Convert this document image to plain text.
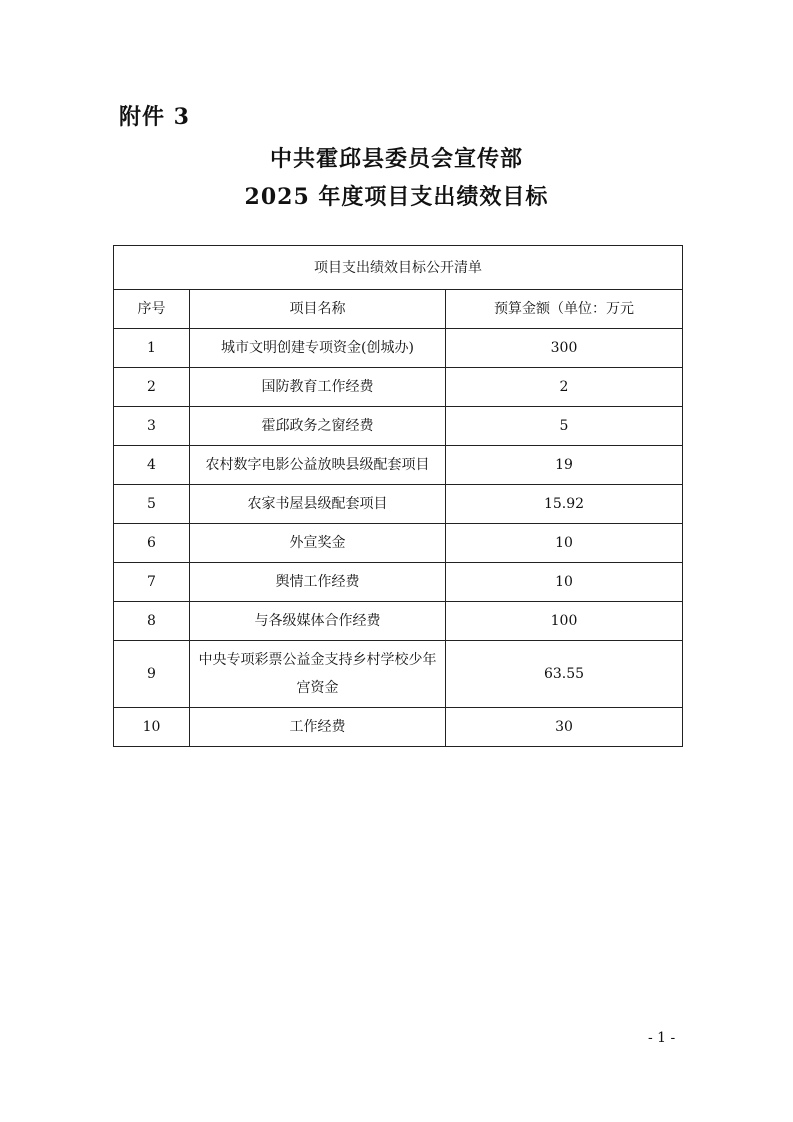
附件 3
中共霍邱县委员会宣传部
2025 年度项目支出绩效目标
项目支出绩效目标公开清单		
序号	项目名称	预算金额（单位：万元
1	城市文明创建专项资金(创城办)	300
2	国防教育工作经费	2
3	霍邱政务之窗经费	5
4	农村数字电影公益放映县级配套项目	19
5	农家书屋县级配套项目	15.92
6	外宣奖金	10
7	舆情工作经费	10
8	与各级媒体合作经费	100
9	中央专项彩票公益金支持乡村学校少年宫资金	63.55
10	工作经费	30
- 1 -
